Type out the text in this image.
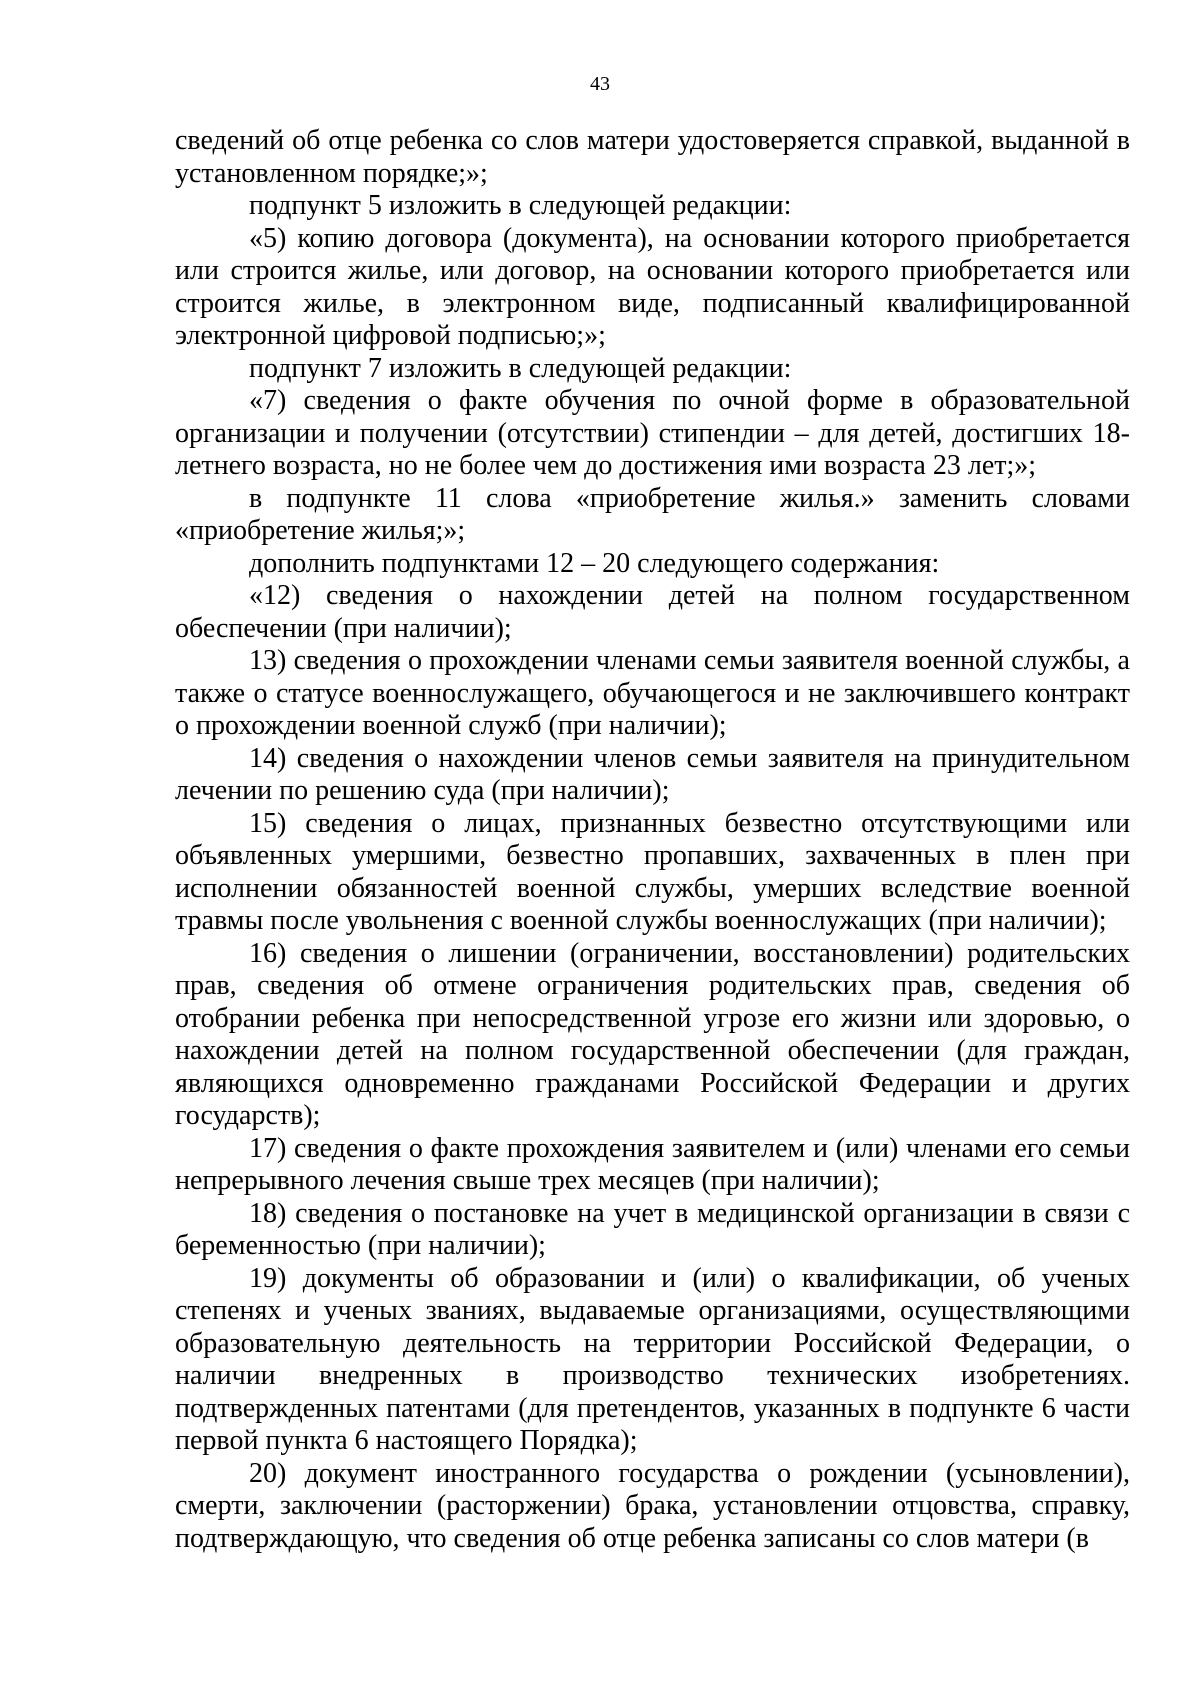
43

сведений об отце ребенка со слов матери удостоверяется справкой, выданной в установленном порядке;»;

подпункт 5 изложить в следующей редакции:

«5) копию договора (документа), на основании которого приобретается или строится жилье, или договор, на основании которого приобретается или строится жилье, в электронном виде, подписанный квалифицированной электронной цифровой подписью;»;

подпункт 7 изложить в следующей редакции:

«7) сведения о факте обучения по очной форме в образовательной организации и получении (отсутствии) стипендии – для детей, достигших 18-летнего возраста, но не более чем до достижения ими возраста 23 лет;»;

в подпункте 11 слова «приобретение жилья.» заменить словами «приобретение жилья;»;

дополнить подпунктами 12 – 20 следующего содержания:

«12) сведения о нахождении детей на полном государственном обеспечении (при наличии);

13) сведения о прохождении членами семьи заявителя военной службы, а также о статусе военнослужащего, обучающегося и не заключившего контракт о прохождении военной служб (при наличии);

14) сведения о нахождении членов семьи заявителя на принудительном лечении по решению суда (при наличии);

15) сведения о лицах, признанных безвестно отсутствующими или объявленных умершими, безвестно пропавших, захваченных в плен при исполнении обязанностей военной службы, умерших вследствие военной травмы после увольнения с военной службы военнослужащих (при наличии);

16) сведения о лишении (ограничении, восстановлении) родительских прав, сведения об отмене ограничения родительских прав, сведения об отобрании ребенка при непосредственной угрозе его жизни или здоровью, о нахождении детей на полном государственной обеспечении (для граждан, являющихся одновременно гражданами Российской Федерации и других государств);

17) сведения о факте прохождения заявителем и (или) членами его семьи непрерывного лечения свыше трех месяцев (при наличии);

18) сведения о постановке на учет в медицинской организации в связи с беременностью (при наличии);

19) документы об образовании и (или) о квалификации, об ученых степенях и ученых званиях, выдаваемые организациями, осуществляющими образовательную деятельность на территории Российской Федерации, о наличии внедренных в производство технических изобретениях. подтвержденных патентами (для претендентов, указанных в подпункте 6 части первой пункта 6 настоящего Порядка);

20) документ иностранного государства о рождении (усыновлении), смерти, заключении (расторжении) брака, установлении отцовства, справку, подтверждающую, что сведения об отце ребенка записаны со слов матери (в
